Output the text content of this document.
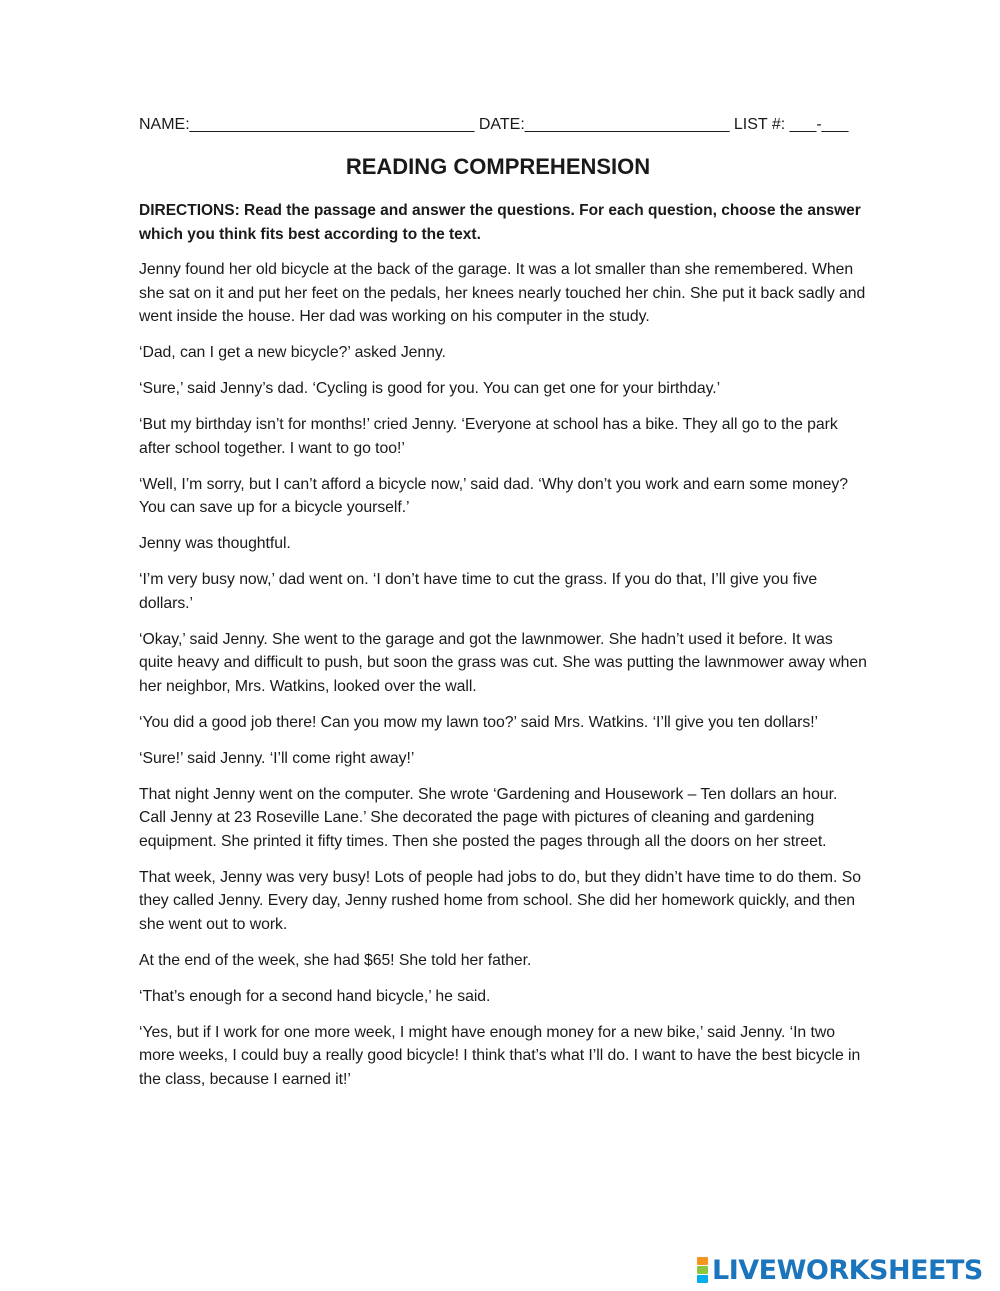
NAME:________________________________ DATE:_______________________ LIST #: ___-___
READING COMPREHENSION
DIRECTIONS: Read the passage and answer the questions. For each question, choose the answer which you think fits best according to the text.

Jenny found her old bicycle at the back of the garage. It was a lot smaller than she remembered. When she sat on it and put her feet on the pedals, her knees nearly touched her chin. She put it back sadly and went inside the house. Her dad was working on his computer in the study.

‘Dad, can I get a new bicycle?’ asked Jenny.

‘Sure,’ said Jenny’s dad. ‘Cycling is good for you. You can get one for your birthday.’

‘But my birthday isn’t for months!’ cried Jenny. ‘Everyone at school has a bike. They all go to the park after school together. I want to go too!’

‘Well, I’m sorry, but I can’t afford a bicycle now,’ said dad. ‘Why don’t you work and earn some money? You can save up for a bicycle yourself.’

Jenny was thoughtful.

‘I’m very busy now,’ dad went on. ‘I don’t have time to cut the grass. If you do that, I’ll give you five dollars.’

‘Okay,’ said Jenny. She went to the garage and got the lawnmower. She hadn’t used it before. It was quite heavy and difficult to push, but soon the grass was cut. She was putting the lawnmower away when her neighbor, Mrs. Watkins, looked over the wall.

‘You did a good job there! Can you mow my lawn too?’ said Mrs. Watkins. ‘I’ll give you ten dollars!’

‘Sure!’ said Jenny. ‘I’ll come right away!’

That night Jenny went on the computer. She wrote ‘Gardening and Housework – Ten dollars an hour. Call Jenny at 23 Roseville Lane.’ She decorated the page with pictures of cleaning and gardening equipment. She printed it fifty times. Then she posted the pages through all the doors on her street.

That week, Jenny was very busy! Lots of people had jobs to do, but they didn’t have time to do them. So they called Jenny. Every day, Jenny rushed home from school. She did her homework quickly, and then she went out to work.

At the end of the week, she had $65! She told her father.

‘That’s enough for a second hand bicycle,’ he said.

‘Yes, but if I work for one more week, I might have enough money for a new bike,’ said Jenny. ‘In two more weeks, I could buy a really good bicycle! I think that’s what I’ll do. I want to have the best bicycle in the class, because I earned it!’

LIVEWORKSHEETS
